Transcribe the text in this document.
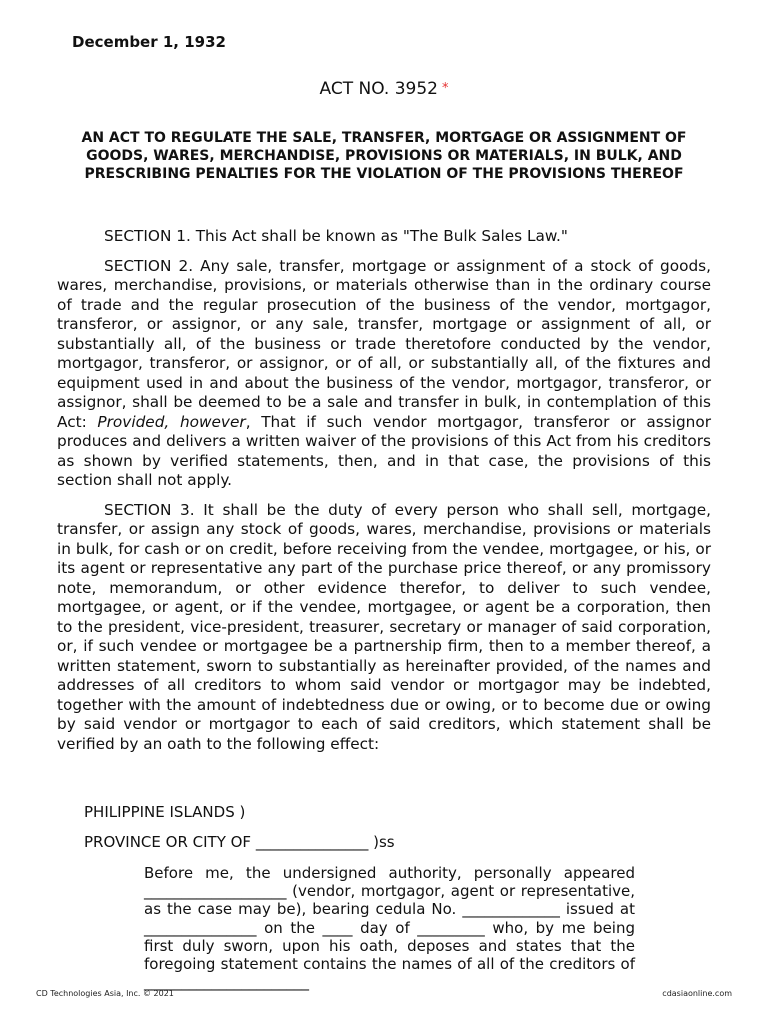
December 1, 1932
ACT NO. 3952 *
AN ACT TO REGULATE THE SALE, TRANSFER, MORTGAGE OR ASSIGNMENT OF GOODS, WARES, MERCHANDISE, PROVISIONS OR MATERIALS, IN BULK, AND PRESCRIBING PENALTIES FOR THE VIOLATION OF THE PROVISIONS THEREOF

SECTION 1. This Act shall be known as "The Bulk Sales Law."

SECTION 2. Any sale, transfer, mortgage or assignment of a stock of goods, wares, merchandise, provisions, or materials otherwise than in the ordinary course of trade and the regular prosecution of the business of the vendor, mortgagor, transferor, or assignor, or any sale, transfer, mortgage or assignment of all, or substantially all, of the business or trade theretofore conducted by the vendor, mortgagor, transferor, or assignor, or of all, or substantially all, of the fixtures and equipment used in and about the business of the vendor, mortgagor, transferor, or assignor, shall be deemed to be a sale and transfer in bulk, in contemplation of this Act: Provided, however, That if such vendor mortgagor, transferor or assignor produces and delivers a written waiver of the provisions of this Act from his creditors as shown by verified statements, then, and in that case, the provisions of this section shall not apply.

SECTION 3. It shall be the duty of every person who shall sell, mortgage, transfer, or assign any stock of goods, wares, merchandise, provisions or materials in bulk, for cash or on credit, before receiving from the vendee, mortgagee, or his, or its agent or representative any part of the purchase price thereof, or any promissory note, memorandum, or other evidence therefor, to deliver to such vendee, mortgagee, or agent, or if the vendee, mortgagee, or agent be a corporation, then to the president, vice-president, treasurer, secretary or manager of said corporation, or, if such vendee or mortgagee be a partnership firm, then to a member thereof, a written statement, sworn to substantially as hereinafter provided, of the names and addresses of all creditors to whom said vendor or mortgagor may be indebted, together with the amount of indebtedness due or owing, or to become due or owing by said vendor or mortgagor to each of said creditors, which statement shall be verified by an oath to the following effect:

PHILIPPINE ISLANDS )
PROVINCE OR CITY OF _______________ )ss
Before me, the undersigned authority, personally appeared ___________________ (vendor, mortgagor, agent or representative, as the case may be), bearing cedula No. _____________ issued at _______________ on the ____ day of _________ who, by me being first duly sworn, upon his oath, deposes and states that the foregoing statement contains the names of all of the creditors of ______________________
CD Technologies Asia, Inc. © 2021	cdasiaonline.com
